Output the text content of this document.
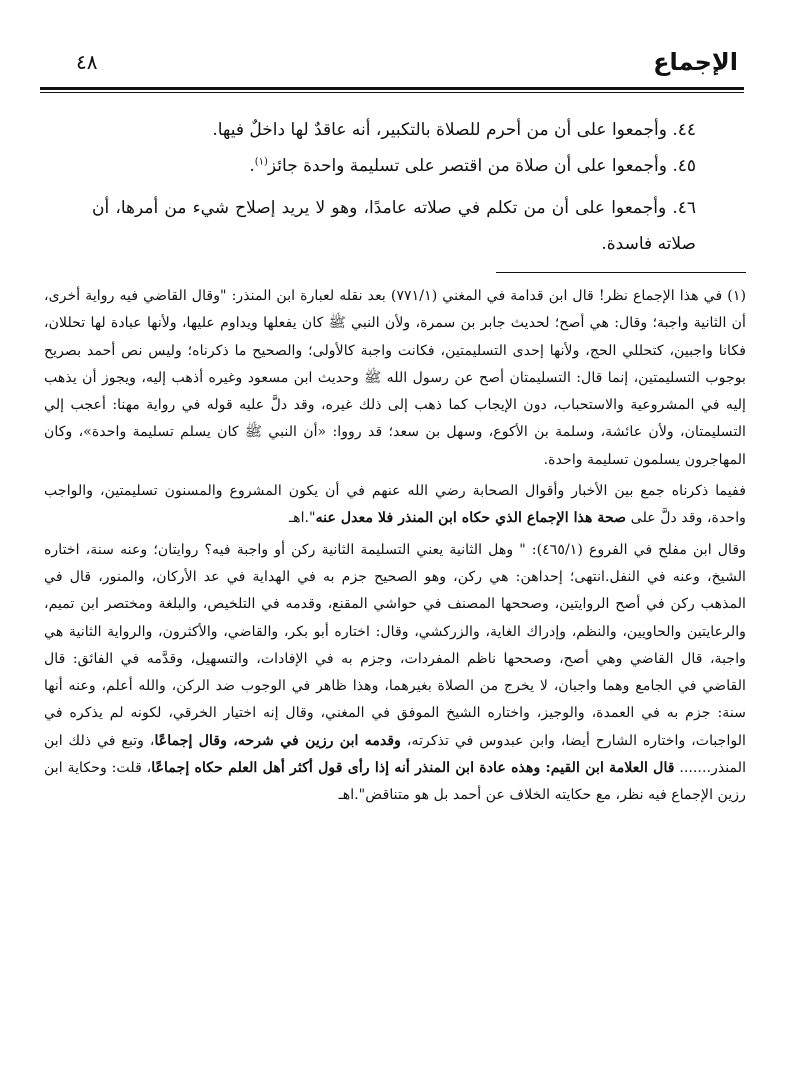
الإجماع
٤٨

٤٤. وأجمعوا على أن من أحرم للصلاة بالتكبير، أنه عاقدٌ لها داخلٌ فيها.

٤٥. وأجمعوا على أن صلاة من اقتصر على تسليمة واحدة جائز$^{(١)}$.

٤٦. وأجمعوا على أن من تكلم في صلاته عامدًا، وهو لا يريد إصلاح شيء من أمرها، أن صلاته فاسدة.

(١) في هذا الإجماع نظر! قال ابن قدامة في المغني (٧٧١/١) بعد نقله لعبارة ابن المنذر: "وقال القاضي فيه رواية أخرى، أن الثانية واجبة؛ وقال: هي أصح؛ لحديث جابر بن سمرة، ولأن النبي ﷺ كان يفعلها ويداوم عليها، ولأنها عبادة لها تحللان، فكانا واجبين، كتحللي الحج، ولأنها إحدى التسليمتين، فكانت واجبة كالأولى؛ والصحيح ما ذكرناه؛ وليس نص أحمد بصريح بوجوب التسليمتين، إنما قال: التسليمتان أصح عن رسول الله ﷺ وحديث ابن مسعود وغيره أذهب إليه، ويجوز أن يذهب إليه في المشروعية والاستحباب، دون الإيجاب كما ذهب إلى ذلك غيره، وقد دلَّ عليه قوله في رواية مهنا: أعجب إلي التسليمتان، ولأن عائشة، وسلمة بن الأكوع، وسهل بن سعد؛ قد رووا: «أن النبي ﷺ كان يسلم تسليمة واحدة»، وكان المهاجرون يسلمون تسليمة واحدة.

ففيما ذكرناه جمع بين الأخبار وأقوال الصحابة رضي الله عنهم في أن يكون المشروع والمسنون تسليمتين، والواجب واحدة، وقد دلَّ على صحة هذا الإجماع الذي حكاه ابن المنذر فلا معدل عنه".اهـ

وقال ابن مفلح في الفروع (٤٦٥/١): " وهل الثانية يعني التسليمة الثانية ركن أو واجبة فيه؟ روايتان؛ وعنه سنة، اختاره الشيخ، وعنه في النفل.انتهى؛ إحداهن: هي ركن، وهو الصحيح جزم به في الهداية في عد الأركان، والمنور، قال في المذهب ركن في أصح الروايتين، وصححها المصنف في حواشي المقنع، وقدمه في التلخيص، والبلغة ومختصر ابن تميم، والرعايتين والحاويين، والنظم، وإدراك الغاية، والزركشي، وقال: اختاره أبو بكر، والقاضي، والأكثرون، والرواية الثانية هي واجبة، قال القاضي وهي أصح، وصححها ناظم المفردات، وجزم به في الإفادات، والتسهيل، وقدَّمه في الفائق: قال القاضي في الجامع وهما واجبان، لا يخرج من الصلاة بغيرهما، وهذا ظاهر في الوجوب ضد الركن، والله أعلم، وعنه أنها سنة: جزم به في العمدة، والوجيز، واختاره الشيخ الموفق في المغني، وقال إنه اختيار الخرقي، لكونه لم يذكره في الواجبات، واختاره الشارح أيضا، وابن عبدوس في تذكرته، وقدمه ابن رزين في شرحه، وقال إجماعًا، وتبع في ذلك ابن المنذر....... قال العلامة ابن القيم: وهذه عادة ابن المنذر أنه إذا رأى قول أكثر أهل العلم حكاه إجماعًا، قلت: وحكاية ابن رزين الإجماع فيه نظر، مع حكايته الخلاف عن أحمد بل هو متناقض".اهـ
